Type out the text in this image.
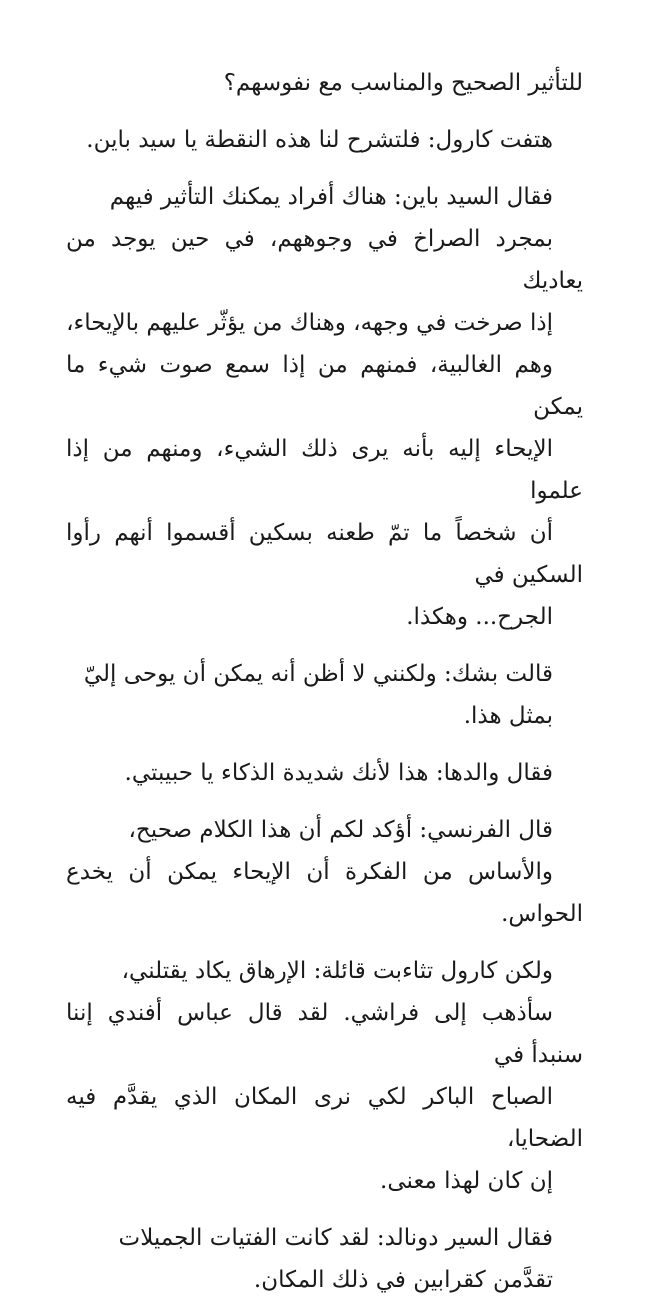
للتأثير الصحيح والمناسب مع نفوسهم؟

هتفت كارول: فلتشرح لنا هذه النقطة يا سيد باين.

فقال السيد باين: هناك أفراد يمكنك التأثير فيهم
بمجرد الصراخ في وجوههم، في حين يوجد من يعاديك
إذا صرخت في وجهه، وهناك من يؤثّر عليهم بالإيحاء،
وهم الغالبية، فمنهم من إذا سمع صوت شيء ما يمكن
الإيحاء إليه بأنه يرى ذلك الشيء، ومنهم من إذا علموا
أن شخصاً ما تمّ طعنه بسكين أقسموا أنهم رأوا السكين في
الجرح... وهكذا.

قالت بشك: ولكنني لا أظن أنه يمكن أن يوحى إليّ
بمثل هذا.

فقال والدها: هذا لأنك شديدة الذكاء يا حبيبتي.

قال الفرنسي: أؤكد لكم أن هذا الكلام صحيح،
والأساس من الفكرة أن الإيحاء يمكن أن يخدع الحواس.

ولكن كارول تثاءبت قائلة: الإرهاق يكاد يقتلني،
سأذهب إلى فراشي. لقد قال عباس أفندي إننا سنبدأ في
الصباح الباكر لكي نرى المكان الذي يقدَّم فيه الضحايا،
إن كان لهذا معنى.

فقال السير دونالد: لقد كانت الفتيات الجميلات
تقدَّمن كقرابين في ذلك المكان.
